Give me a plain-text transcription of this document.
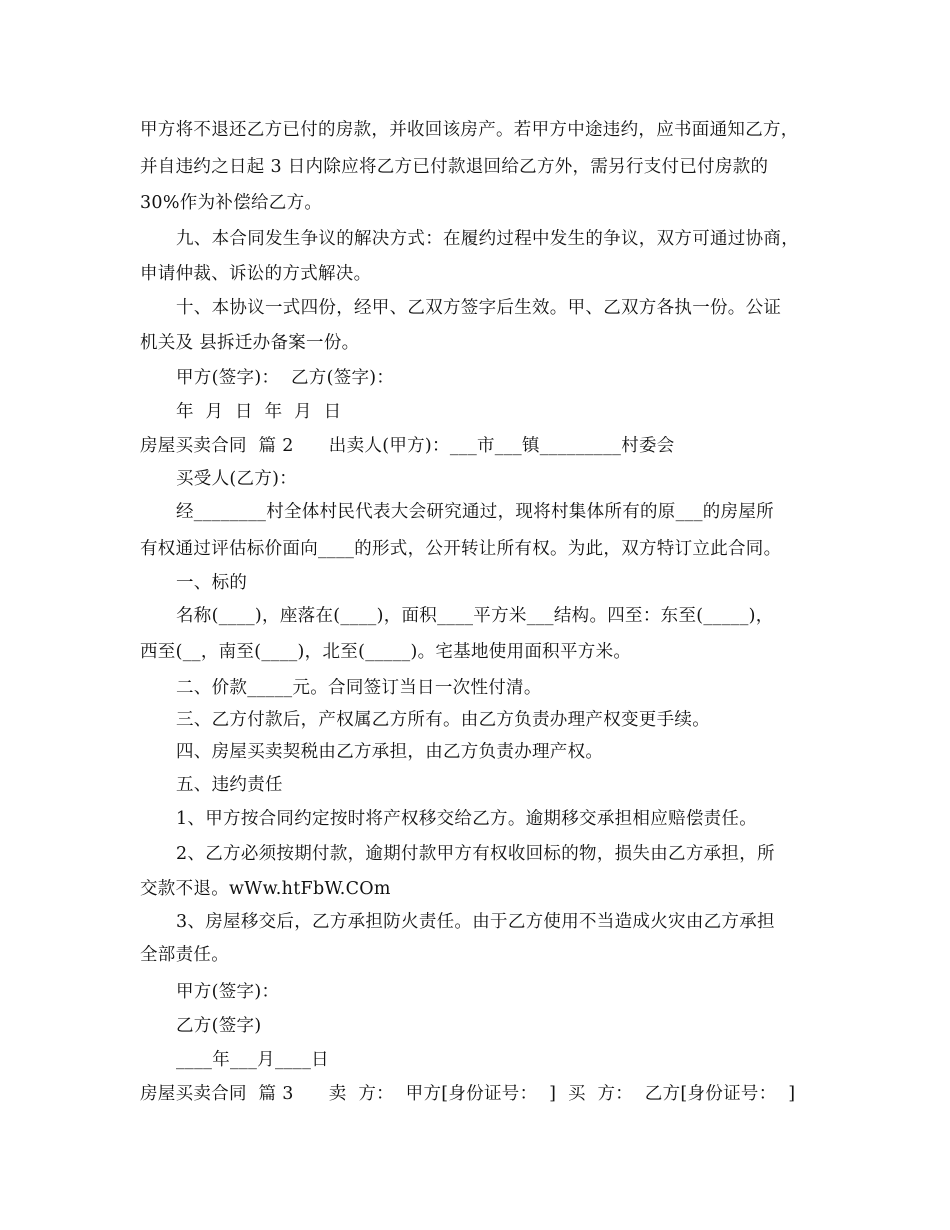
甲方将不退还乙方已付的房款，并收回该房产。若甲方中途违约，应书面通知乙方，
并自违约之日起 3 日内除应将乙方已付款退回给乙方外，需另行支付已付房款的
30%作为补偿给乙方。
九、本合同发生争议的解决方式：在履约过程中发生的争议，双方可通过协商，
申请仲裁、诉讼的方式解决。
十、本协议一式四份，经甲、乙双方签字后生效。甲、乙双方各执一份。公证
机关及 县拆迁办备案一份。
甲方(签字)：  乙方(签字)：
年  月  日  年  月  日
房屋买卖合同  篇 2      出卖人(甲方)：___市___镇_________村委会
买受人(乙方)：
经________村全体村民代表大会研究通过，现将村集体所有的原___的房屋所
有权通过评估标价面向____的形式，公开转让所有权。为此，双方特订立此合同。
一、标的
名称(____)，座落在(____)，面积____平方米___结构。四至：东至(_____)，
西至(__，南至(____)，北至(_____)。宅基地使用面积平方米。
二、价款_____元。合同签订当日一次性付清。
三、乙方付款后，产权属乙方所有。由乙方负责办理产权变更手续。
四、房屋买卖契税由乙方承担，由乙方负责办理产权。
五、违约责任
1、甲方按合同约定按时将产权移交给乙方。逾期移交承担相应赔偿责任。
2、乙方必须按期付款，逾期付款甲方有权收回标的物，损失由乙方承担，所
交款不退。wWw.htFbW.COm
3、房屋移交后，乙方承担防火责任。由于乙方使用不当造成火灾由乙方承担
全部责任。
甲方(签字)：
乙方(签字)
____年___月____日
房屋买卖合同  篇 3      卖  方：  甲方[身份证号：  ]  买  方：  乙方[身份证号：  ]
